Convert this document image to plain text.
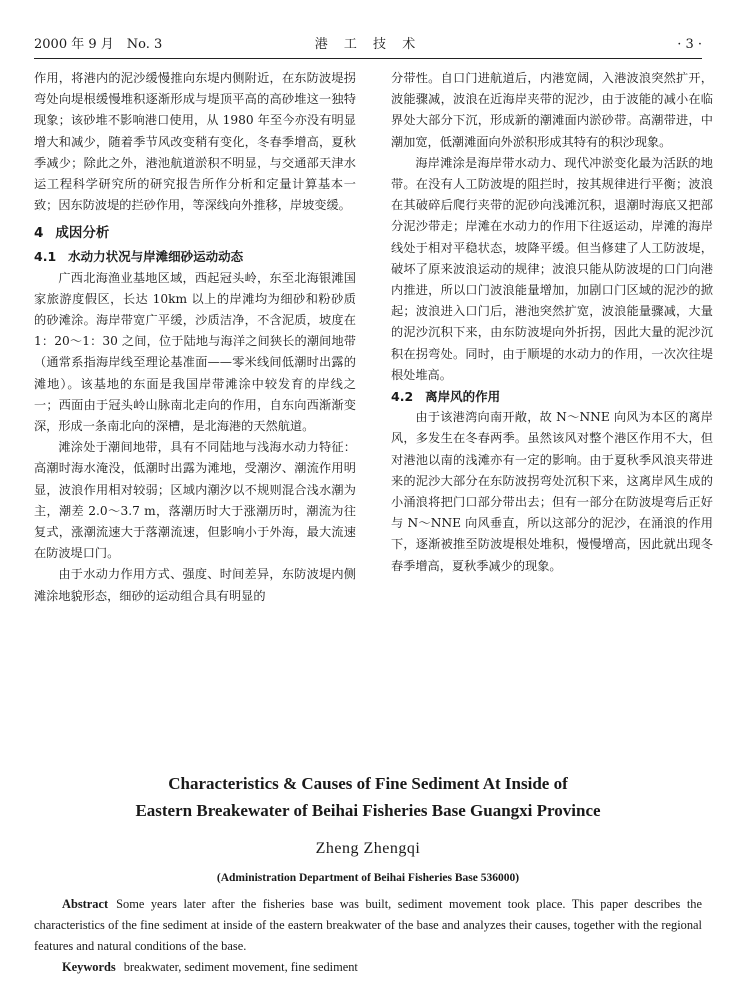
2000 年 9 月　No. 3	港 工 技 术	· 3 ·

作用，将港内的泥沙缓慢推向东堤内侧附近，在东防波堤拐弯处向堤根缓慢堆积逐渐形成与堤顶平高的高砂堆这一独特现象；该砂堆不影响港口使用，从 1980 年至今亦没有明显增大和减少，随着季节风改变稍有变化，冬春季增高，夏秋季减少；除此之外，港池航道淤积不明显，与交通部天津水运工程科学研究所的研究报告所作分析和定量计算基本一致；因东防波堤的拦砂作用，等深线向外推移，岸坡变缓。

4 成因分析
4.1 水动力状况与岸滩细砂运动动态

广西北海渔业基地区域，西起冠头岭，东至北海银滩国家旅游度假区，长达 10km 以上的岸滩均为细砂和粉砂质的砂滩涂。海岸带宽广平缓，沙质洁净，不含泥质，坡度在 1：20～1：30 之间，位于陆地与海洋之间狭长的潮间地带（通常系指海岸线至理论基准面——零米线间低潮时出露的滩地）。该基地的东面是我国岸带滩涂中较发育的岸线之一；西面由于冠头岭山脉南北走向的作用，自东向西渐渐变深，形成一条南北向的深槽，是北海港的天然航道。

滩涂处于潮间地带，具有不同陆地与浅海水动力特征：高潮时海水淹没，低潮时出露为滩地，受潮汐、潮流作用明显，波浪作用相对较弱；区域内潮汐以不规则混合浅水潮为主，潮差 2.0～3.7 m，落潮历时大于涨潮历时，潮流为往复式，涨潮流速大于落潮流速，但影响小于外海，最大流速在防波堤口门。

由于水动力作用方式、强度、时间差异，东防波堤内侧滩涂地貌形态，细砂的运动组合具有明显的

分带性。自口门进航道后，内港宽阔，入港波浪突然扩开，波能骤减，波浪在近海岸夹带的泥沙，由于波能的减小在临界处大部分下沉，形成新的潮滩面内淤砂带。高潮带进，中潮加宽，低潮滩面向外淤积形成其特有的积沙现象。

海岸滩涂是海岸带水动力、现代冲淤变化最为活跃的地带。在没有人工防波堤的阻拦时，按其规律进行平衡；波浪在其破碎后爬行夹带的泥砂向浅滩沉积，退潮时海底又把部分泥沙带走；岸滩在水动力的作用下往返运动，岸滩的海岸线处于相对平稳状态，坡降平缓。但当修建了人工防波堤，破坏了原来波浪运动的规律；波浪只能从防波堤的口门向港内推进，所以口门波浪能量增加，加剧口门区域的泥沙的掀起；波浪进入口门后，港池突然扩宽，波浪能量骤减，大量的泥沙沉积下来，由东防波堤向外折拐，因此大量的泥沙沉积在拐弯处。同时，由于顺堤的水动力的作用，一次次往堤根处堆高。

4.2 离岸风的作用

由于该港湾向南开敞，故 N～NNE 向风为本区的离岸风，多发生在冬春两季。虽然该风对整个港区作用不大，但对港池以南的浅滩亦有一定的影响。由于夏秋季风浪夹带进来的泥沙大部分在东防波拐弯处沉积下来，这离岸风生成的小涌浪将把门口部分带出去；但有一部分在防波堤弯后正好与 N～NNE 向风垂直，所以这部分的泥沙，在涌浪的作用下，逐渐被推至防波堤根处堆积，慢慢增高，因此就出现冬春季增高，夏秋季减少的现象。

Characteristics & Causes of Fine Sediment At Inside of
Eastern Breakewater of Beihai Fisheries Base Guangxi Province

Zheng Zhengqi

(Administration Department of Beihai Fisheries Base 536000)

Abstract Some years later after the fisheries base was built, sediment movement took place. This paper describes the characteristics of the fine sediment at inside of the eastern breakwater of the base and analyzes their causes, together with the regional features and natural conditions of the base.

Keywords breakwater, sediment movement, fine sediment
